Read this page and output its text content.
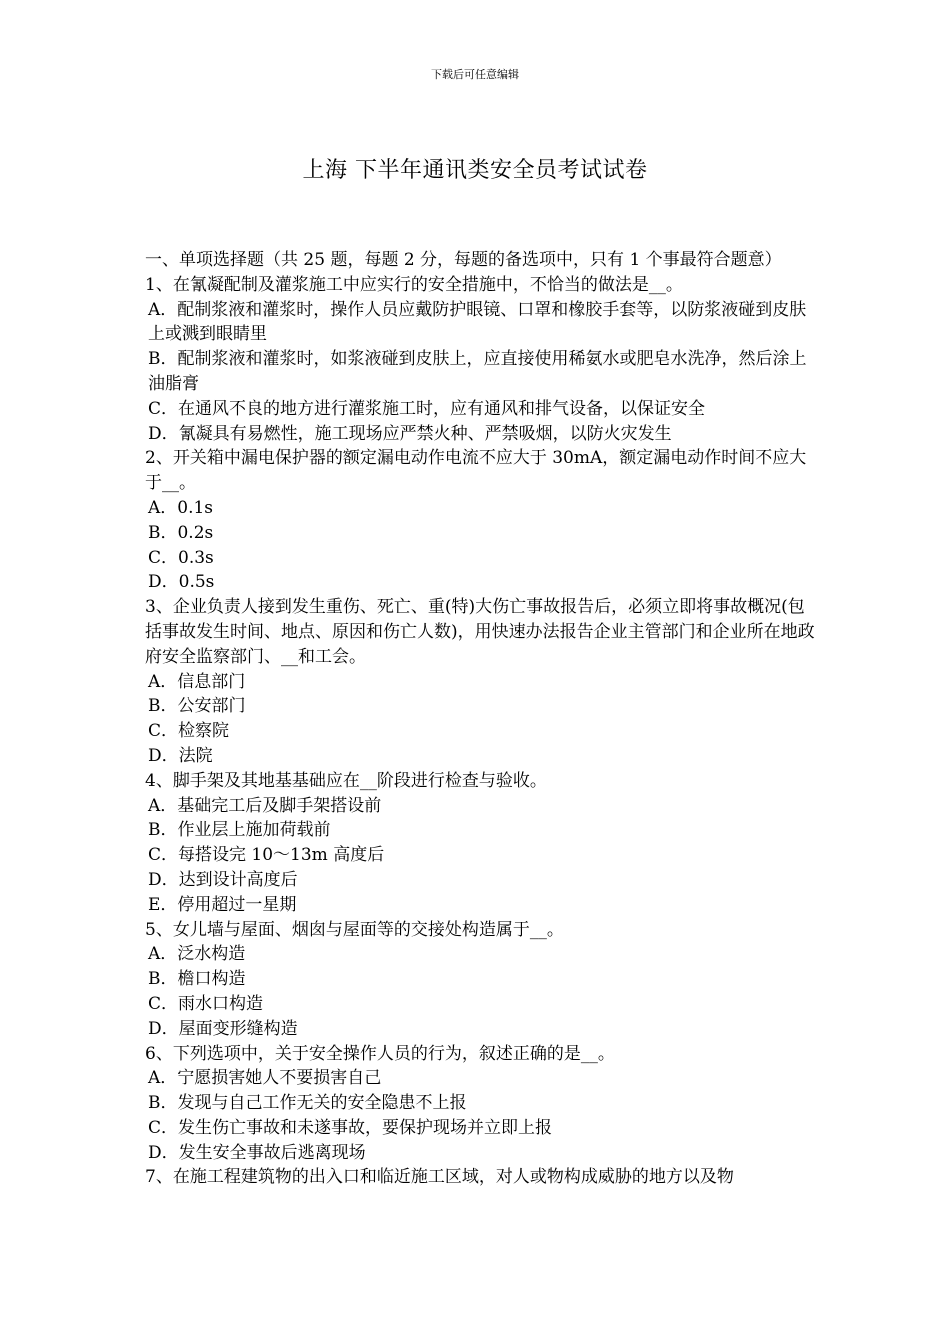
下载后可任意编辑
上海 下半年通讯类安全员考试试卷

一、单项选择题（共 25 题，每题 2 分，每题的备选项中，只有 1 个事最符合题意）

1、在氰凝配制及灌浆施工中应实行的安全措施中，不恰当的做法是__。

A．配制浆液和灌浆时，操作人员应戴防护眼镜、口罩和橡胶手套等，以防浆液碰到皮肤上或溅到眼睛里

B．配制浆液和灌浆时，如浆液碰到皮肤上，应直接使用稀氨水或肥皂水洗净，然后涂上油脂膏

C．在通风不良的地方进行灌浆施工时，应有通风和排气设备，以保证安全

D．氰凝具有易燃性，施工现场应严禁火种、严禁吸烟，以防火灾发生

2、开关箱中漏电保护器的额定漏电动作电流不应大于 30mA，额定漏电动作时间不应大于__。

A．0.1s

B．0.2s

C．0.3s

D．0.5s

3、企业负责人接到发生重伤、死亡、重(特)大伤亡事故报告后，必须立即将事故概况(包括事故发生时间、地点、原因和伤亡人数)，用快速办法报告企业主管部门和企业所在地政府安全监察部门、__和工会。

A．信息部门

B．公安部门

C．检察院

D．法院

4、脚手架及其地基基础应在__阶段进行检查与验收。

A．基础完工后及脚手架搭设前

B．作业层上施加荷载前

C．每搭设完 10～13m 高度后

D．达到设计高度后

E．停用超过一星期

5、女儿墙与屋面、烟囱与屋面等的交接处构造属于__。

A．泛水构造

B．檐口构造

C．雨水口构造

D．屋面变形缝构造

6、下列选项中，关于安全操作人员的行为，叙述正确的是__。

A．宁愿损害她人不要损害自己

B．发现与自己工作无关的安全隐患不上报

C．发生伤亡事故和未遂事故，要保护现场并立即上报

D．发生安全事故后逃离现场

7、在施工程建筑物的出入口和临近施工区域，对人或物构成威胁的地方以及物
